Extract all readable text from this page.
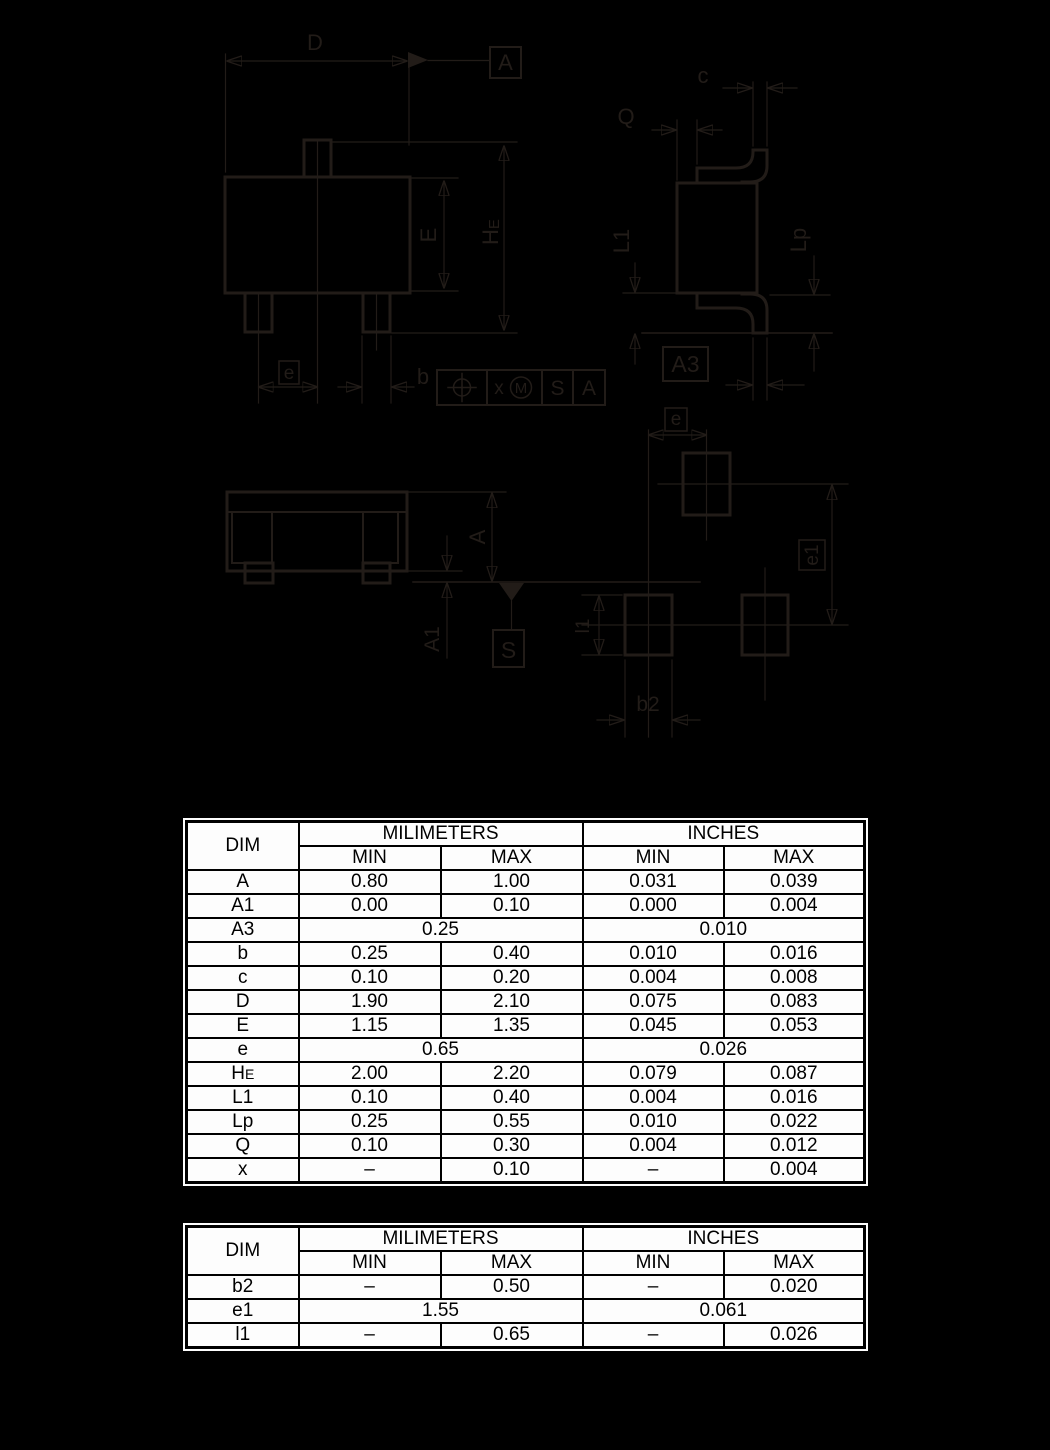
D
A
E HE
e	b	x M S A
Q
c
L1	Lp
A3
S
A
A1
e
e1
l1
b2
DIM	MILIMETERS		INCHES	
	MIN	MAX	MIN	MAX
A	0.80	1.00	0.031	0.039
A1	0.00	0.10	0.000	0.004
A3	0.25		0.010	
b	0.25	0.40	0.010	0.016
c	0.10	0.20	0.004	0.008
D	1.90	2.10	0.075	0.083
E	1.15	1.35	0.045	0.053
e	0.65		0.026	
HE	2.00	2.20	0.079	0.087
L1	0.10	0.40	0.004	0.016
Lp	0.25	0.55	0.010	0.022
Q	0.10	0.30	0.004	0.012
x	–	0.10	–	0.004
DIM	MILIMETERS		INCHES	
	MIN	MAX	MIN	MAX
b2	–	0.50	–	0.020
e1	1.55		0.061	
l1	–	0.65	–	0.026
